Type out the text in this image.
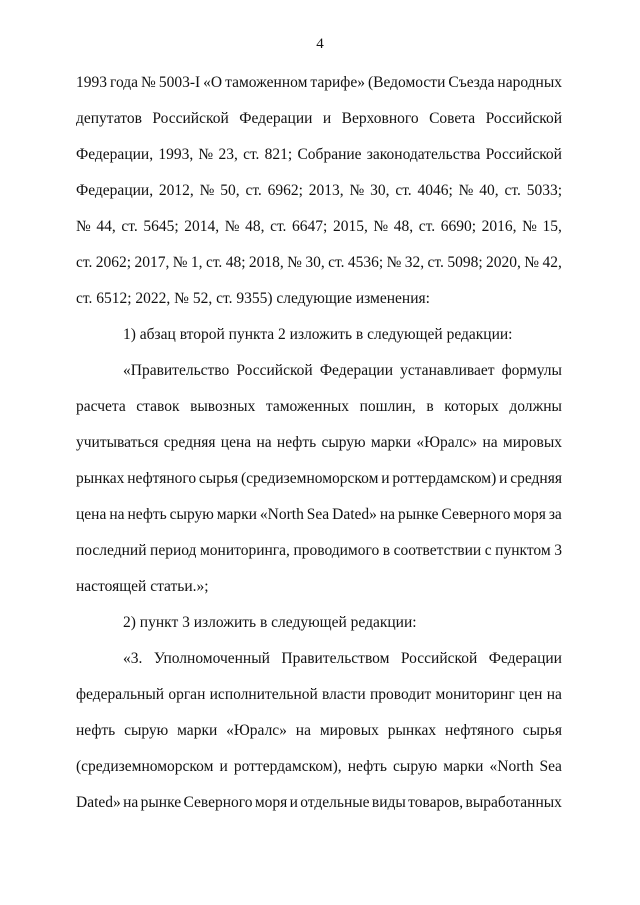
4
1993 года № 5003-I «О таможенном тарифе» (Ведомости Съезда народных
депутатов Российской Федерации и Верховного Совета Российской
Федерации, 1993, № 23, ст. 821; Собрание законодательства Российской
Федерации, 2012, № 50, ст. 6962; 2013, № 30, ст. 4046; № 40, ст. 5033;
№ 44, ст. 5645; 2014, № 48, ст. 6647; 2015, № 48, ст. 6690; 2016, № 15,
ст. 2062; 2017, № 1, ст. 48; 2018, № 30, ст. 4536; № 32, ст. 5098; 2020, № 42,
ст. 6512; 2022, № 52, ст. 9355) следующие изменения:
1) абзац второй пункта 2 изложить в следующей редакции:
«Правительство Российской Федерации устанавливает формулы
расчета ставок вывозных таможенных пошлин, в которых должны
учитываться средняя цена на нефть сырую марки «Юралс» на мировых
рынках нефтяного сырья (средиземноморском и роттердамском) и средняя
цена на нефть сырую марки «North Sea Dated» на рынке Северного моря за
последний период мониторинга, проводимого в соответствии с пунктом 3
настоящей статьи.»;
2) пункт 3 изложить в следующей редакции:
«3. Уполномоченный Правительством Российской Федерации
федеральный орган исполнительной власти проводит мониторинг цен на
нефть сырую марки «Юралс» на мировых рынках нефтяного сырья
(средиземноморском и роттердамском), нефть сырую марки «North Sea
Dated» на рынке Северного моря и отдельные виды товаров, выработанных
